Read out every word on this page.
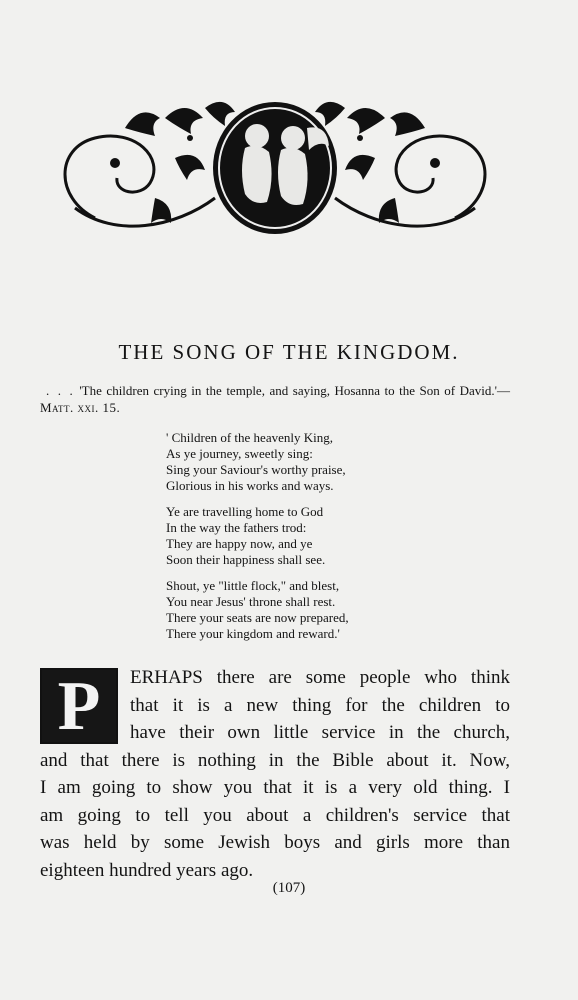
THE SONG OF THE KINGDOM.
. . . 'The children crying in the temple, and saying, Hosanna to the Son of David.'—Matt. xxi. 15.
' Children of the heavenly King,
As ye journey, sweetly sing:
Sing your Saviour's worthy praise,
Glorious in his works and ways.
Ye are travelling home to God
In the way the fathers trod:
They are happy now, and ye
Soon their happiness shall see.
Shout, ye "little flock," and blest,
You near Jesus' throne shall rest.
There your seats are now prepared,
There your kingdom and reward.'
P	ERHAPS there are some people who think
that it is a new thing for the children to
have their own little service in the church,
and that there is nothing in the Bible about it. Now,
I am going to show you that it is a very old thing. I
am going to tell you about a children's service that
was held by some Jewish boys and girls more than
eighteen hundred years ago.
(107)
